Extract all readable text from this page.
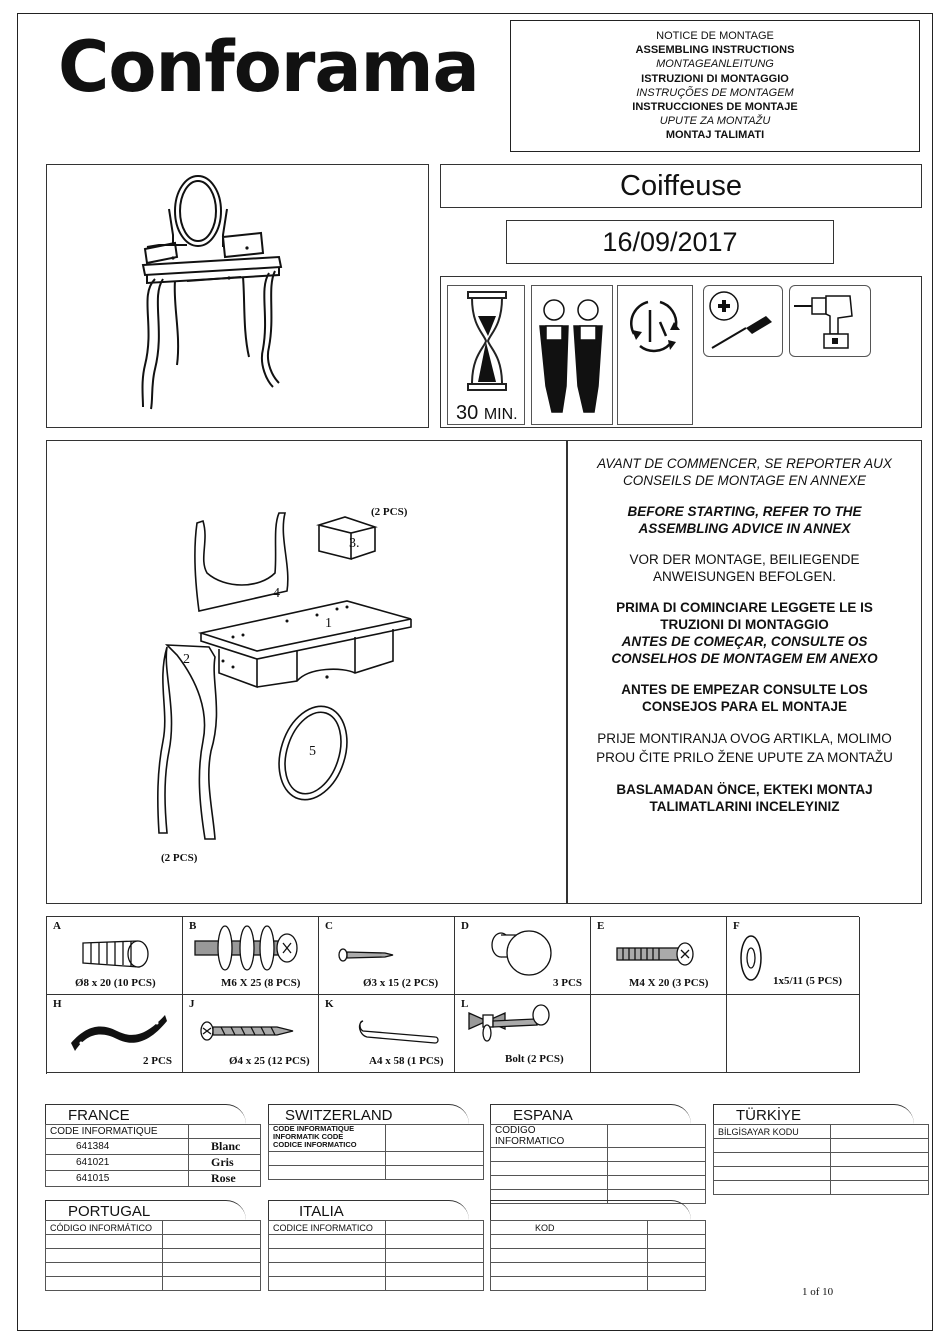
Conforama	NOTICE DE MONTAGE
ASSEMBLING INSTRUCTIONS
MONTAGEANLEITUNG
ISTRUZIONI DI MONTAGGIO
INSTRUÇÕES DE MONTAGEM
INSTRUCCIONES DE MONTAJE
UPUTE ZA MONTAŽU
MONTAJ TALIMATI
Coiffeuse
16/09/2017
30 MIN.
1
2
3.
4
5
(2 PCS)
(2 PCS)

AVANT DE COMMENCER, SE REPORTER AUX CONSEILS DE MONTAGE EN ANNEXE

BEFORE STARTING, REFER TO THE ASSEMBLING ADVICE IN ANNEX

VOR DER MONTAGE, BEILIEGENDE ANWEISUNGEN BEFOLGEN.

PRIMA DI COMINCIARE LEGGETE LE IS TRUZIONI DI MONTAGGIO

ANTES DE COMEÇAR, CONSULTE OS CONSELHOS DE MONTAGEM EM ANEXO

ANTES DE EMPEZAR CONSULTE LOS CONSEJOS PARA EL MONTAJE

PRIJE MONTIRANJA OVOG ARTIKLA, MOLIMO PROU ČITE PRILO ŽENE UPUTE ZA MONTAŽU

BASLAMADAN ÖNCE, EKTEKI MONTAJ TALIMATLARINI INCELEYINIZ

A
Ø8 x 20 (10 PCS)
B
M6 X 25 (8 PCS)
C
Ø3 x 15 (2 PCS)
D
3 PCS
E
M4 X 20 (3 PCS)
F
1x5/11 (5 PCS)
H
2 PCS
J
Ø4 x 25 (12 PCS)
K
A4 x 58 (1 PCS)
L
Bolt (2 PCS)
FRANCE
CODE INFORMATIQUE	
641384	Blanc
641021	Gris
641015	Rose
SWITZERLAND
CODE INFORMATIQUE
INFORMATIK CODE
CODICE INFORMATICO	

ESPANA
CODIGO INFORMATICO	

TÜRKİYE
BİLGİSAYAR KODU	

PORTUGAL
CÓDIGO INFORMÁTICO	

ITALIA
CODICE INFORMATICO	

		KOD	

1 of 10
